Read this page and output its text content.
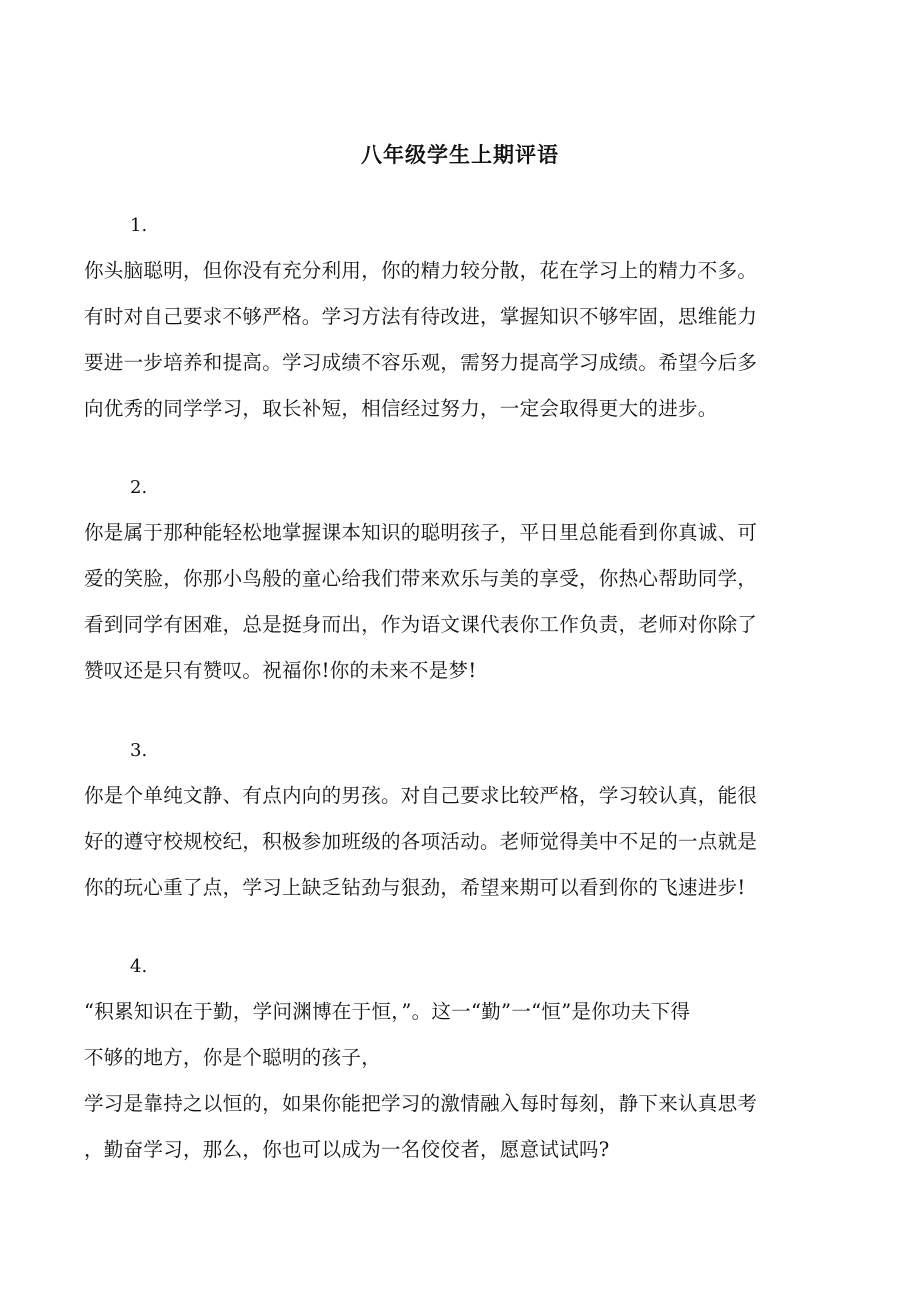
八年级学生上期评语
1.
你头脑聪明，但你没有充分利用，你的精力较分散，花在学习上的精力不多。
有时对自己要求不够严格。学习方法有待改进，掌握知识不够牢固，思维能力
要进一步培养和提高。学习成绩不容乐观，需努力提高学习成绩。希望今后多
向优秀的同学学习，取长补短，相信经过努力，一定会取得更大的进步。
2.
你是属于那种能轻松地掌握课本知识的聪明孩子，平日里总能看到你真诚、可
爱的笑脸，你那小鸟般的童心给我们带来欢乐与美的享受，你热心帮助同学，
看到同学有困难，总是挺身而出，作为语文课代表你工作负责，老师对你除了
赞叹还是只有赞叹。祝福你!你的未来不是梦!
3.
你是个单纯文静、有点内向的男孩。对自己要求比较严格，学习较认真，能很
好的遵守校规校纪，积极参加班级的各项活动。老师觉得美中不足的一点就是
你的玩心重了点，学习上缺乏钻劲与狠劲，希望来期可以看到你的飞速进步!
4.
“积累知识在于勤，学问渊博在于恒，”。这一“勤”一“恒”是你功夫下得
不够的地方，你是个聪明的孩子，
学习是靠持之以恒的，如果你能把学习的激情融入每时每刻，静下来认真思考
，勤奋学习，那么，你也可以成为一名佼佼者，愿意试试吗?
